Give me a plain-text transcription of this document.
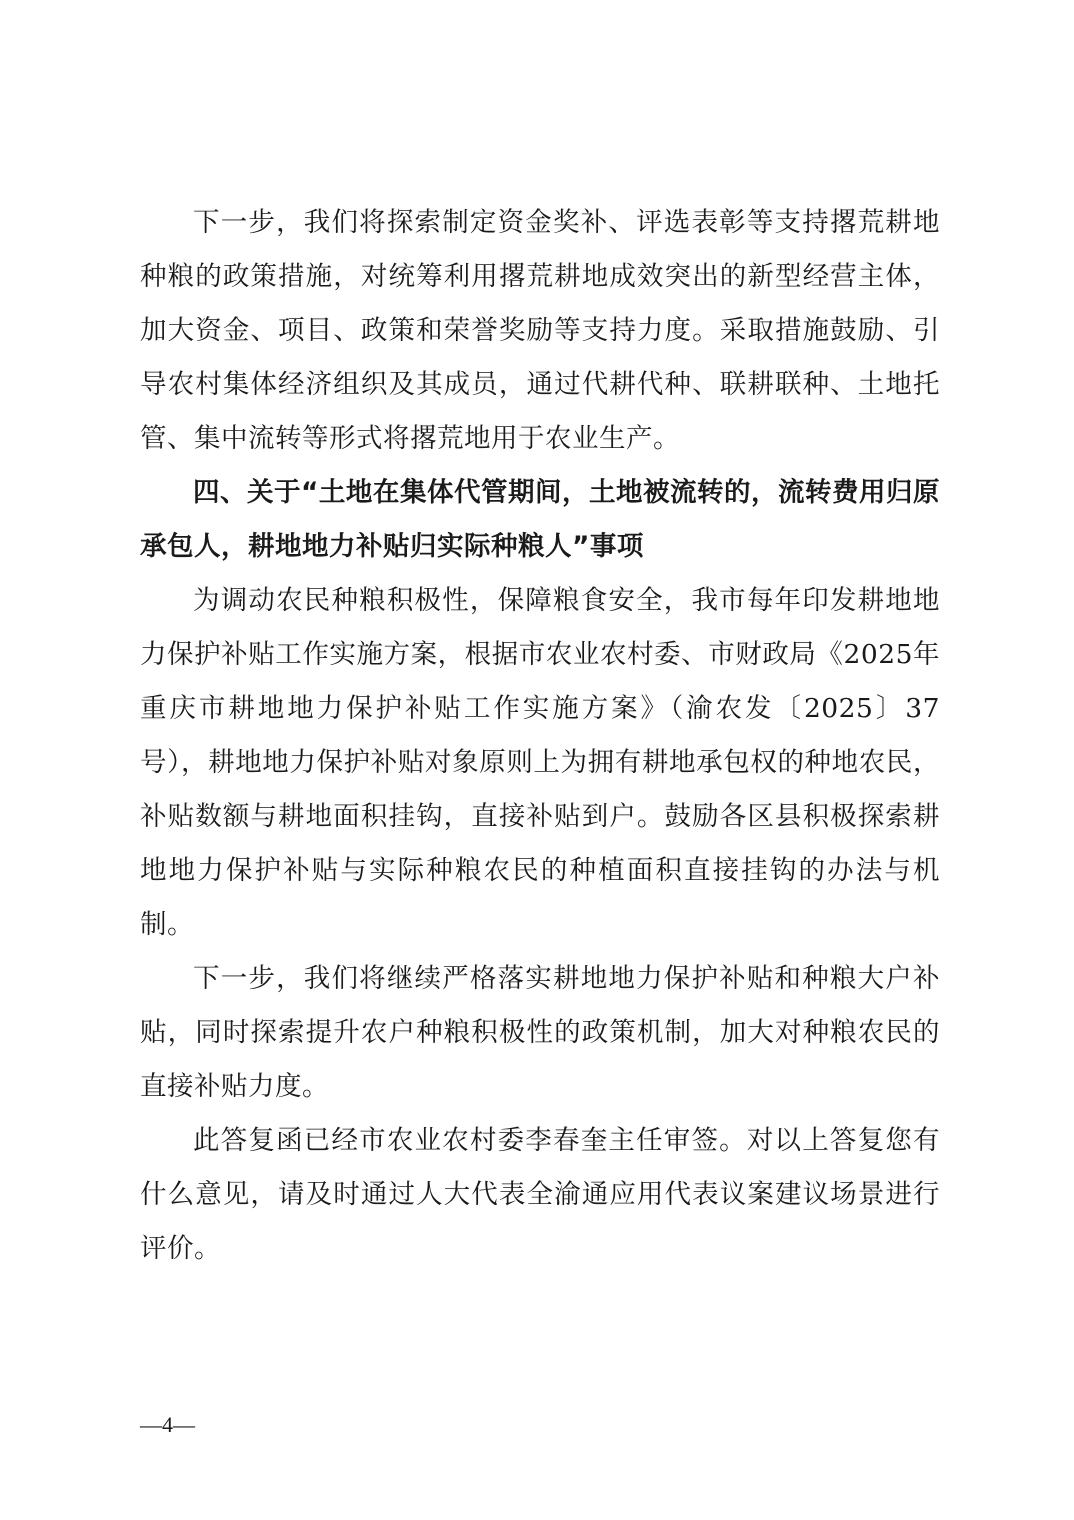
下一步，我们将探索制定资金奖补、评选表彰等支持撂荒耕地种粮的政策措施，对统筹利用撂荒耕地成效突出的新型经营主体，加大资金、项目、政策和荣誉奖励等支持力度。采取措施鼓励、引导农村集体经济组织及其成员，通过代耕代种、联耕联种、土地托管、集中流转等形式将撂荒地用于农业生产。

四、关于“土地在集体代管期间，土地被流转的，流转费用归原承包人，耕地地力补贴归实际种粮人”事项

为调动农民种粮积极性，保障粮食安全，我市每年印发耕地地力保护补贴工作实施方案，根据市农业农村委、市财政局《2025年重庆市耕地地力保护补贴工作实施方案》（渝农发〔2025〕37号），耕地地力保护补贴对象原则上为拥有耕地承包权的种地农民，补贴数额与耕地面积挂钩，直接补贴到户。鼓励各区县积极探索耕地地力保护补贴与实际种粮农民的种植面积直接挂钩的办法与机制。

下一步，我们将继续严格落实耕地地力保护补贴和种粮大户补贴，同时探索提升农户种粮积极性的政策机制，加大对种粮农民的直接补贴力度。

此答复函已经市农业农村委李春奎主任审签。对以上答复您有什么意见，请及时通过人大代表全渝通应用代表议案建议场景进行评价。

—4—
